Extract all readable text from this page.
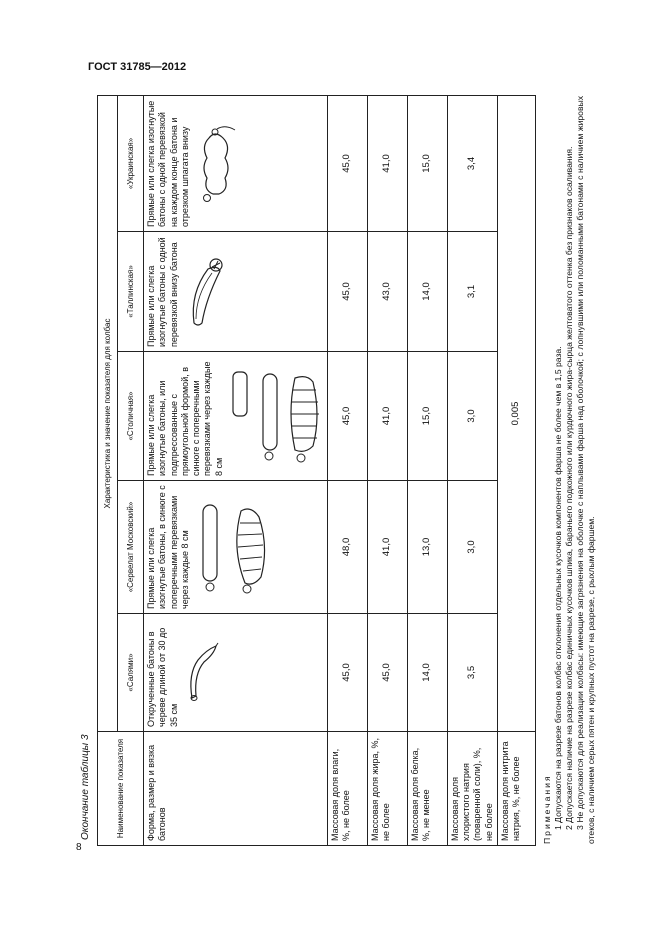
ГОСТ 31785—2012
8
Окончание таблицы 3	Наименование показателя	Характеристика и значение показателя для колбас				
	«Салями»	«Сервелат Московский»	«Столичная»	«Таллинская»	«Украинская»
Форма, размер и вязка батонов	Открученные батоны в черевe длиной от 30 до 35 см	Прямые или слегка изогнутые батоны, в синюге с поперечными перевязками через каждые 8 см	Прямые или слегка изогнутые батоны, или подпрессованные с прямоугольной формой, в синюге с поперечными перевязками через каждые 8 см	Прямые или слегка изогнутые батоны с одной перевязкой внизу батона	Прямые или слегка изогнутые батоны с одной перевязкой на каждом конце батона и отрезком шпагата внизу

Массовая доля влаги, %, не более	45,0	48,0	45,0	45,0	45,0
Массовая доля жира, %, не более	45,0	41,0	41,0	43,0	41,0
Массовая доля белка, %, не менее	14,0	13,0	15,0	14,0	15,0
Массовая доля хлористого натрия (поваренной соли), %, не более	3,5	3,0	3,0	3,1	3,4
Массовая доля нитрита натрия, %, не более	0,005				
Примечания 1 Допускаются на разрезе батонов колбас отклонения отдельных кусочков компонентов фарша не более чем в 1,5 раза. 2 Допускается наличие на разрезе колбас единичных кусочков шпика, бараньего подкожного или курдючного жира-сырца желтоватого оттенка без признаков осаливания. 3 Не допускаются для реализации колбасы: имеющие загрязнения на оболочке с наплывами фарша над оболочкой; с лопнувшими или поломанными батонами с наличием жировых отеков, с наличием серых пятен и крупных пустот на разрезе, с рыхлым фаршем.
